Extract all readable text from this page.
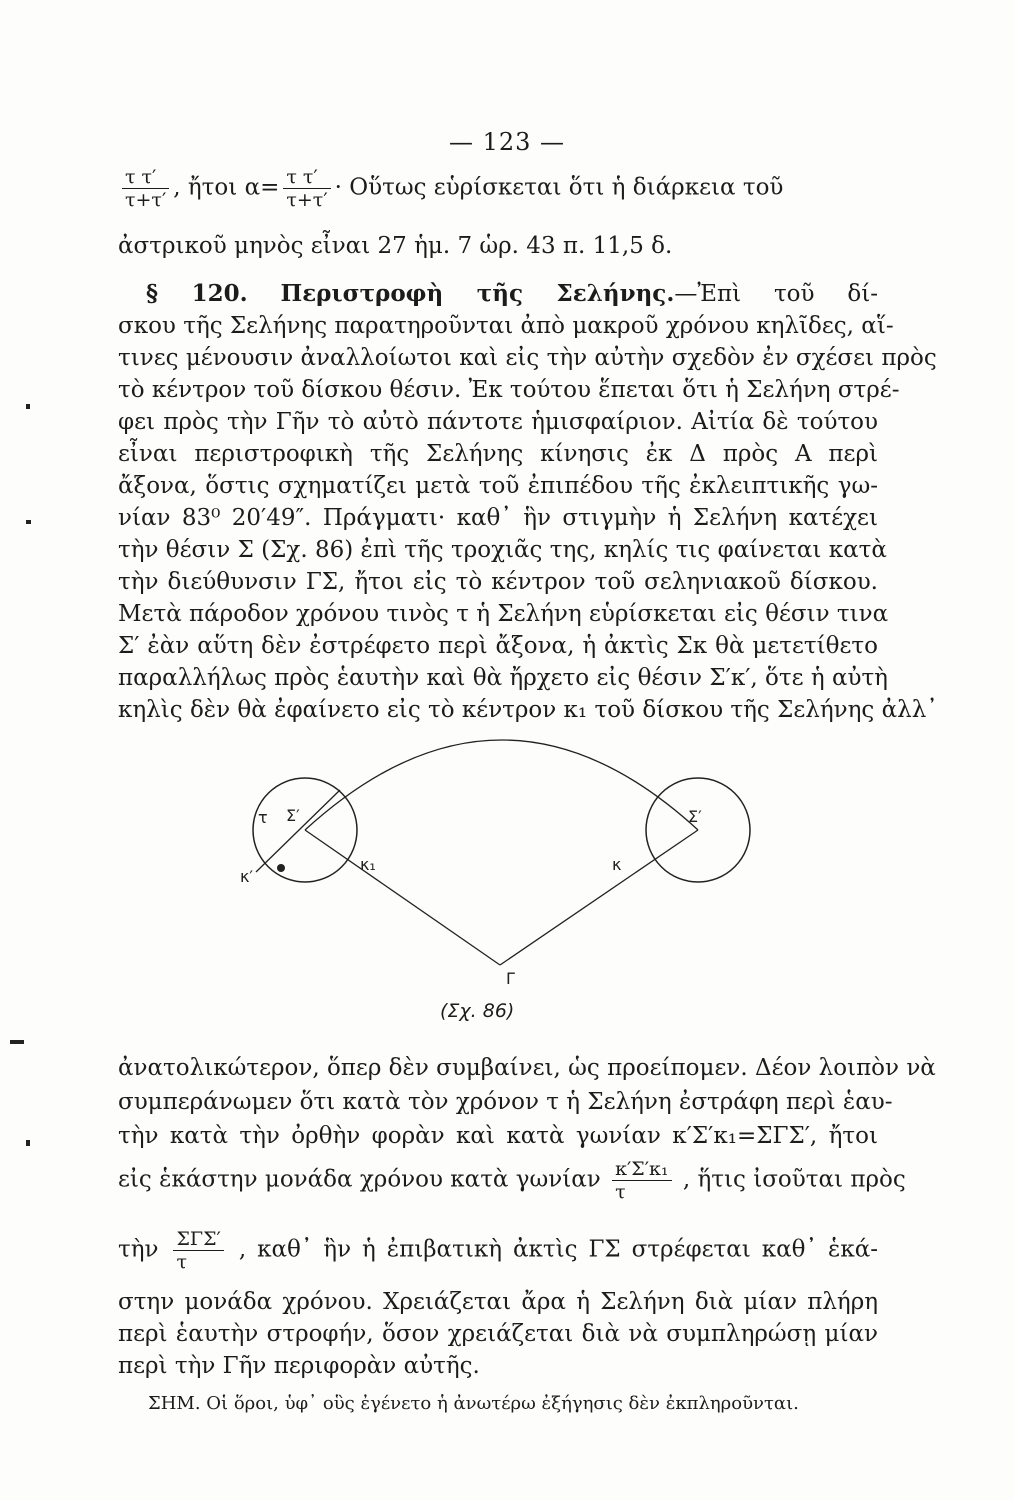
— 123 —
$\frac{\text{τ τ′}}{\tau+\tau'}$ , ἤτοι $\alpha= \frac{\text{τ τ′}}{\tau+\tau'}$ · Οὕτως εὑρίσκεται ὅτι ἡ διάρκεια τοῦ
ἀστρικοῦ μηνὸς εἶναι 27 ἡμ. 7 ὡρ. 43 π. 11,5 δ.
§ 120. Περιστροφὴ τῆς Σελήνης.—Ἐπὶ τοῦ δί-
σκου τῆς Σελήνης παρατηροῦνται ἀπὸ μακροῦ χρόνου κηλῖδες, αἵ-
τινες μένουσιν ἀναλλοίωτοι καὶ εἰς τὴν αὐτὴν σχεδὸν ἐν σχέσει πρὸς
τὸ κέντρον τοῦ δίσκου θέσιν. Ἐκ τούτου ἕπεται ὅτι ἡ Σελήνη στρέ-
φει πρὸς τὴν Γῆν τὸ αὐτὸ πάντοτε ἡμισφαίριον. Αἰτία δὲ τούτου
εἶναι περιστροφικὴ τῆς Σελήνης κίνησις ἐκ Δ πρὸς Α περὶ
ἄξονα, ὅστις σχηματίζει μετὰ τοῦ ἐπιπέδου τῆς ἐκλειπτικῆς γω-
νίαν 83⁰ 20′49″. Πράγματι· καθ᾿ ἣν στιγμὴν ἡ Σελήνη κατέχει
τὴν θέσιν Σ (Σχ. 86) ἐπὶ τῆς τροχιᾶς της, κηλίς τις φαίνεται κατὰ
τὴν διεύθυνσιν ΓΣ, ἤτοι εἰς τὸ κέντρον τοῦ σεληνιακοῦ δίσκου.
Μετὰ πάροδον χρόνου τινὸς τ ἡ Σελήνη εὑρίσκεται εἰς θέσιν τινα
Σ′ ἐὰν αὕτη δὲν ἐστρέφετο περὶ ἄξονα, ἡ ἀκτὶς Σκ θὰ μετετίθετο
παραλλήλως πρὸς ἑαυτὴν καὶ θὰ ἤρχετο εἰς θέσιν Σ′κ′, ὅτε ἡ αὐτὴ
κηλὶς δὲν θὰ ἐφαίνετο εἰς τὸ κέντρον κ₁ τοῦ δίσκου τῆς Σελήνης ἀλλ᾿
τ Σ′	Σ′
κ′
κ₁	κ
Γ
(Σχ. 86)
ἀνατολικώτερον, ὅπερ δὲν συμβαίνει, ὡς προείπομεν. Δέον λοιπὸν νὰ
συμπεράνωμεν ὅτι κατὰ τὸν χρόνον τ ἡ Σελήνη ἐστράφη περὶ ἑαυ-
τὴν κατὰ τὴν ὀρθὴν φορὰν καὶ κατὰ γωνίαν κ′Σ′κ₁=ΣΓΣ′, ἤτοι
εἰς ἑκάστην μονάδα χρόνου κατὰ γωνίαν $\frac{\text{κ′Σ′κ₁}}{\tau}$ , ἥτις ἰσοῦται πρὸς
τὴν $\frac{\text{ΣΓΣ′}}{\tau}$ , καθ᾿ ἣν ἡ ἐπιβατικὴ ἀκτὶς ΓΣ στρέφεται καθ᾿ ἑκά-
στην μονάδα χρόνου. Χρειάζεται ἄρα ἡ Σελήνη διὰ μίαν πλήρη
περὶ ἑαυτὴν στροφήν, ὅσον χρειάζεται διὰ νὰ συμπληρώσῃ μίαν
περὶ τὴν Γῆν περιφορὰν αὐτῆς.
ΣΗΜ. Οἱ ὅροι, ὑφ᾿ οὓς ἐγένετο ἡ ἀνωτέρω ἐξήγησις δὲν ἐκπληροῦνται.
